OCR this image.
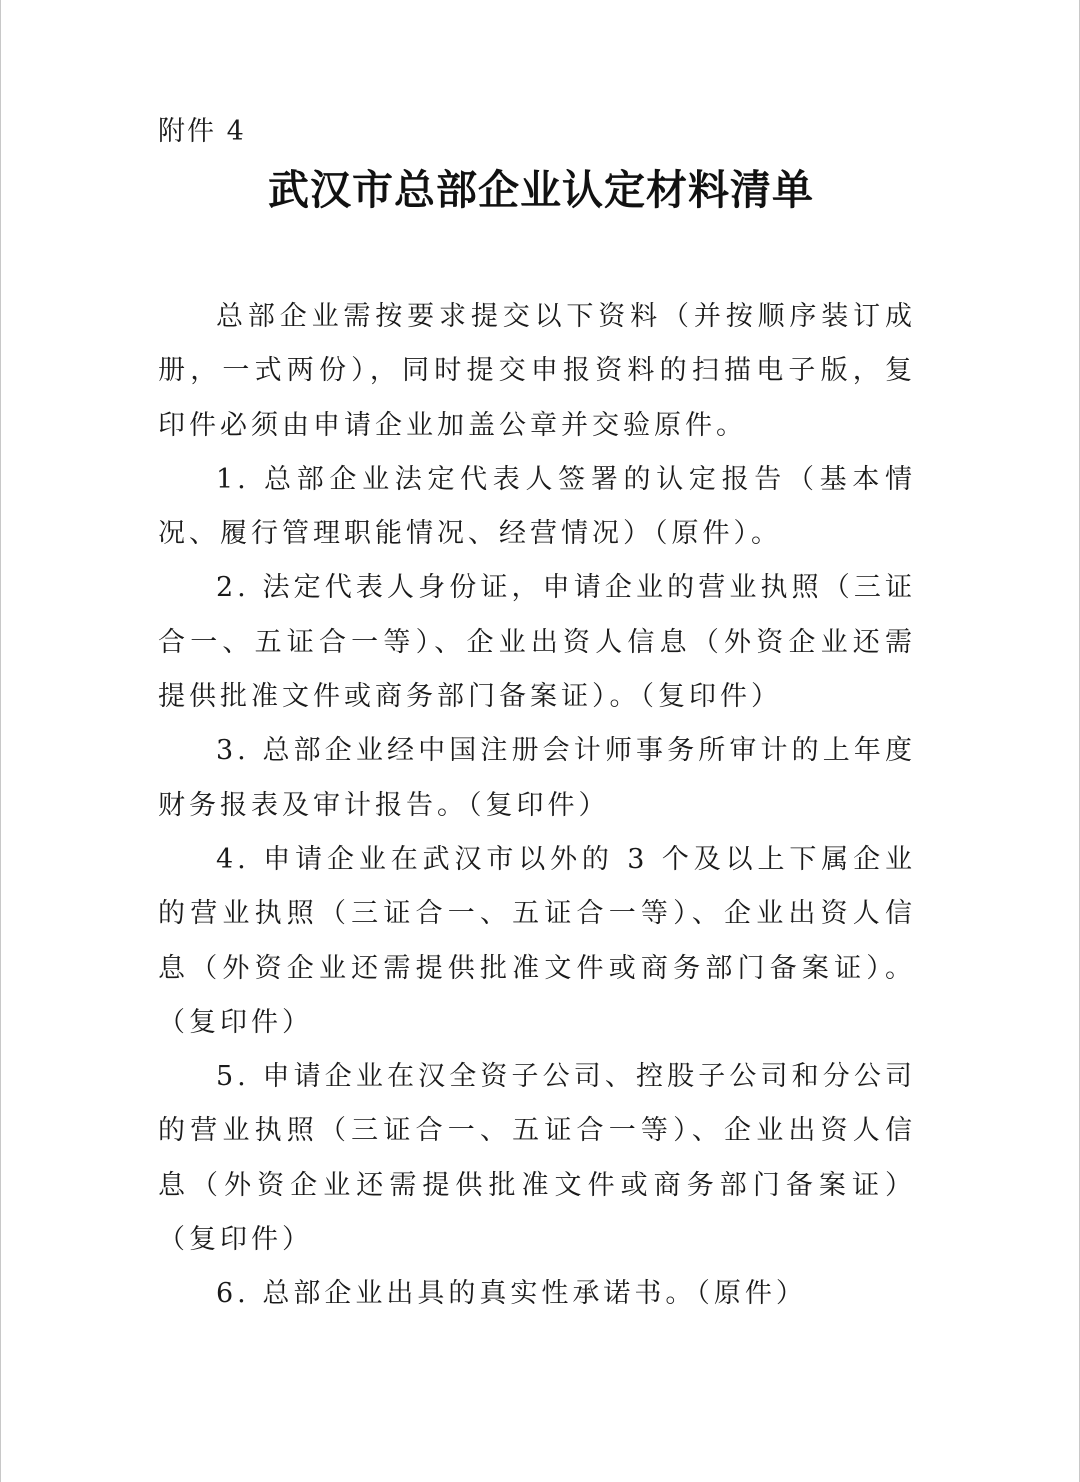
附件 4
武汉市总部企业认定材料清单

总部企业需按要求提交以下资料（并按顺序装订成册，一式两份），同时提交申报资料的扫描电子版，复印件必须由申请企业加盖公章并交验原件。

1. 总部企业法定代表人签署的认定报告（基本情况、履行管理职能情况、经营情况）（原件）。

2. 法定代表人身份证，申请企业的营业执照（三证合一、五证合一等）、企业出资人信息（外资企业还需提供批准文件或商务部门备案证）。（复印件）

3. 总部企业经中国注册会计师事务所审计的上年度财务报表及审计报告。（复印件）

4. 申请企业在武汉市以外的 3 个及以上下属企业的营业执照（三证合一、五证合一等）、企业出资人信息（外资企业还需提供批准文件或商务部门备案证）。（复印件）

5. 申请企业在汉全资子公司、控股子公司和分公司的营业执照（三证合一、五证合一等）、企业出资人信息（外资企业还需提供批准文件或商务部门备案证）（复印件）

6. 总部企业出具的真实性承诺书。（原件）
